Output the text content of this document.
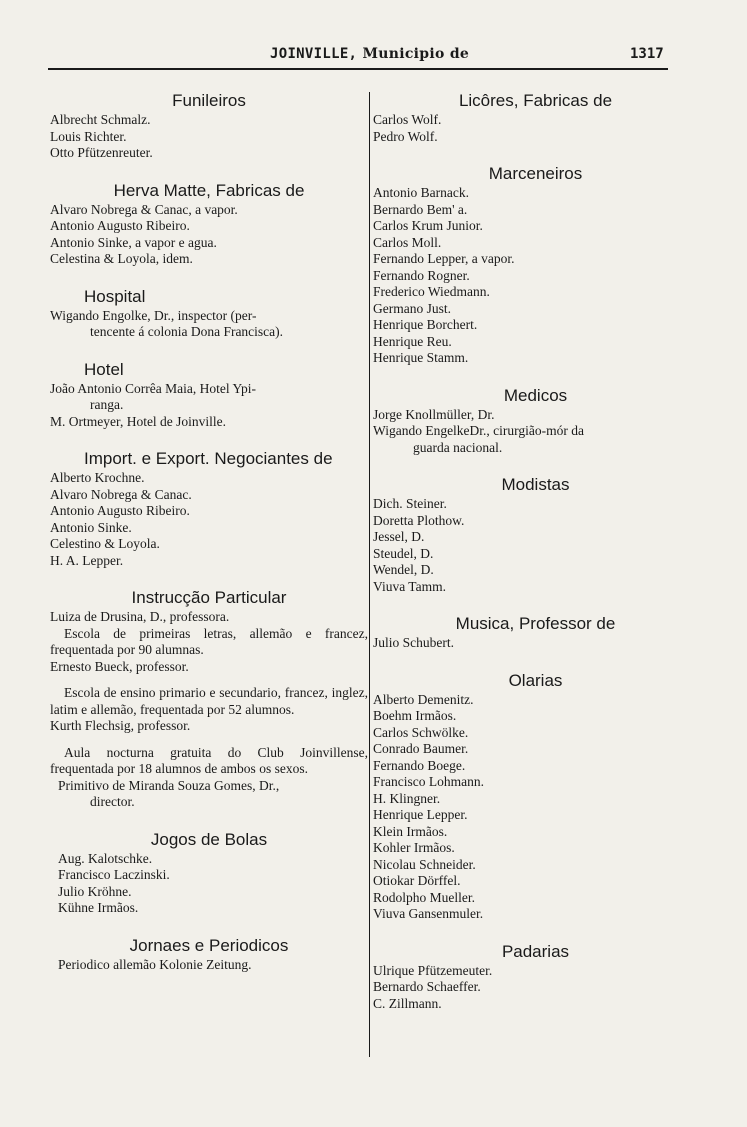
JOINVILLE, Municipio de	1317

Funileiros

Albrecht Schmalz.

Louis Richter.

Otto Pfützenreuter.

Herva Matte, Fabricas de

Alvaro Nobrega & Canac, a vapor.

Antonio Augusto Ribeiro.

Antonio Sinke, a vapor e agua.

Celestina & Loyola, idem.

Hospital

Wigando Engolke, Dr., inspector (per-

tencente á colonia Dona Francisca).

Hotel

João Antonio Corrêa Maia, Hotel Ypi-

ranga.

M. Ortmeyer, Hotel de Joinville.

Import. e Export. Negociantes de

Alberto Krochne.

Alvaro Nobrega & Canac.

Antonio Augusto Ribeiro.

Antonio Sinke.

Celestino & Loyola.

H. A. Lepper.

Instrucção Particular

Luiza de Drusina, D., professora.

Escola de primeiras letras, allemão e francez, frequentada por 90 alumnas.

Ernesto Bueck, professor.

Escola de ensino primario e secundario, francez, inglez, latim e allemão, frequentada por 52 alumnos.

Kurth Flechsig, professor.

Aula nocturna gratuita do Club Joinvillense, frequentada por 18 alumnos de ambos os sexos.

Primitivo de Miranda Souza Gomes, Dr.,

director.

Jogos de Bolas

Aug. Kalotschke.

Francisco Laczinski.

Julio Kröhne.

Kühne Irmãos.

Jornaes e Periodicos

Periodico allemão Kolonie Zeitung.

Licôres, Fabricas de

Carlos Wolf.

Pedro Wolf.

Marceneiros

Antonio Barnack.

Bernardo Bem' a.

Carlos Krum Junior.

Carlos Moll.

Fernando Lepper, a vapor.

Fernando Rogner.

Frederico Wiedmann.

Germano Just.

Henrique Borchert.

Henrique Reu.

Henrique Stamm.

Medicos

Jorge Knollmüller, Dr.

Wigando EngelkeDr., cirurgião-mór da

guarda nacional.

Modistas

Dich. Steiner.

Doretta Plothow.

Jessel, D.

Steudel, D.

Wendel, D.

Viuva Tamm.

Musica, Professor de

Julio Schubert.

Olarias

Alberto Demenitz.

Boehm Irmãos.

Carlos Schwölke.

Conrado Baumer.

Fernando Boege.

Francisco Lohmann.

H. Klingner.

Henrique Lepper.

Klein Irmãos.

Kohler Irmãos.

Nicolau Schneider.

Otiokar Dörffel.

Rodolpho Mueller.

Viuva Gansenmuler.

Padarias

Ulrique Pfützemeuter.

Bernardo Schaeffer.

C. Zillmann.
